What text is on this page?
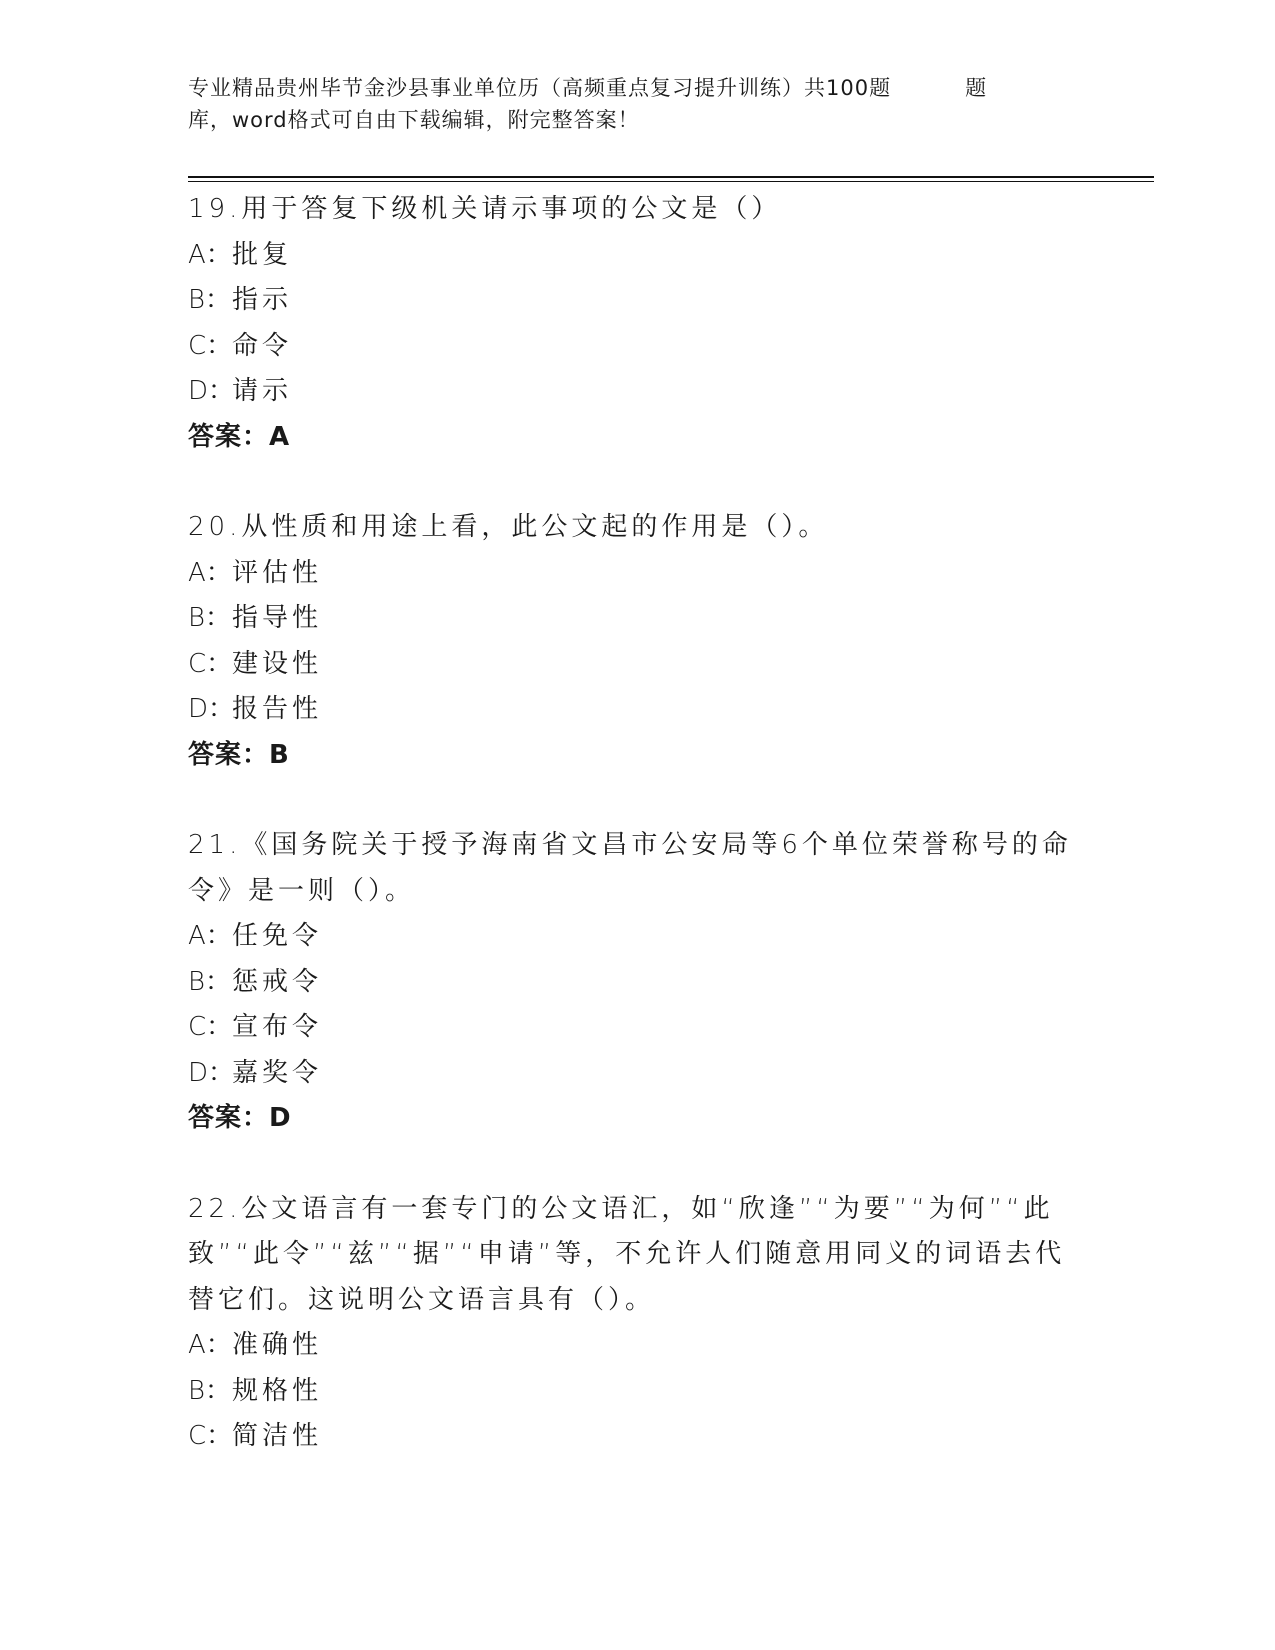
专业精品贵州毕节金沙县事业单位历（高频重点复习提升训练）共100题	题
库，word格式可自由下载编辑，附完整答案！
19.用于答复下级机关请示事项的公文是（）
A：批复
B：指示
C：命令
D：请示
答案：A
20.从性质和用途上看，此公文起的作用是（）。
A：评估性
B：指导性
C：建设性
D：报告性
答案：B
21.《国务院关于授予海南省文昌市公安局等6个单位荣誉称号的命令》是一则（）。
A：任免令
B：惩戒令
C：宣布令
D：嘉奖令
答案：D
22.公文语言有一套专门的公文语汇，如“欣逢”“为要”“为何”“此致”“此令”“兹”“据”“申请”等，不允许人们随意用同义的词语去代替它们。这说明公文语言具有（）。
A：准确性
B：规格性
C：简洁性
